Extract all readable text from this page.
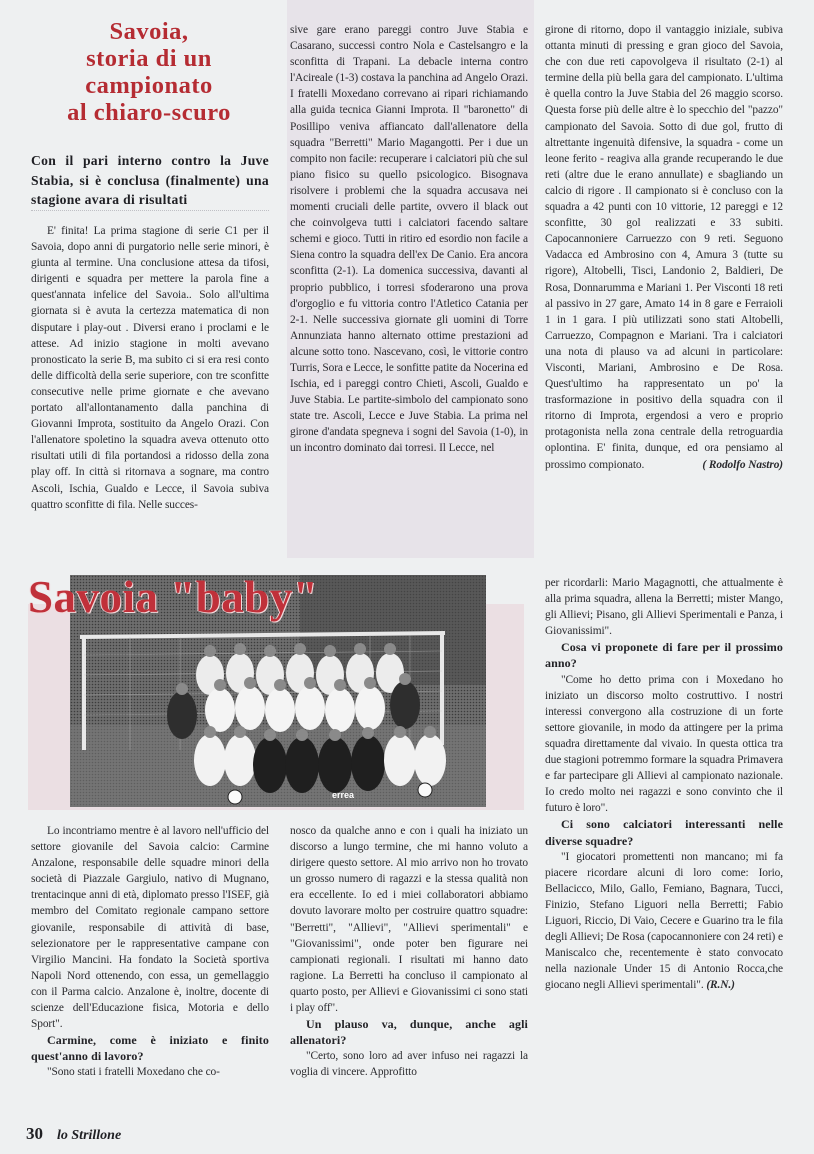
Savoia,
storia di un
campionato
al chiaro-scuro
Con il pari interno contro la Juve Stabia, si è conclusa (finalmente) una stagione avara di risultati

E' finita! La prima stagione di serie C1 per il Savoia, dopo anni di purgatorio nelle serie minori, è giunta al termine. Una conclusione attesa da tifosi, dirigenti e squadra per mettere la parola fine a quest'annata infelice del Savoia.. Solo all'ultima giornata si è avuta la certezza matematica di non disputare i play-out . Diversi erano i proclami e le attese. Ad inizio stagione in molti avevano pronosticato la serie B, ma subito ci si era resi conto delle difficoltà della serie superiore, con tre sconfitte consecutive nelle prime giornate e che avevano portato all'allontanamento dalla panchina di Giovanni Improta, sostituito da Angelo Orazi. Con l'allenatore spoletino la squadra aveva ottenuto otto risultati utili di fila portandosi a ridosso della zona play off. In città si ritornava a sognare, ma contro Ascoli, Ischia, Gualdo e Lecce, il Savoia subiva quattro sconfitte di fila. Nelle succes-

sive gare erano pareggi contro Juve Stabia e Casarano, successi contro Nola e Castelsangro e la sconfitta di Trapani. La debacle interna contro l'Acireale (1-3) costava la panchina ad Angelo Orazi. I fratelli Moxedano correvano ai ripari richiamando alla guida tecnica Gianni Improta. Il "baronetto" di Posillipo veniva affiancato dall'allenatore della squadra "Berretti" Mario Magangotti. Per i due un compito non facile: recuperare i calciatori più che sul piano fisico su quello psicologico. Bisognava risolvere i problemi che la squadra accusava nei momenti cruciali delle partite, ovvero il black out che coinvolgeva tutti i calciatori facendo saltare schemi e gioco. Tutti in ritiro ed esordio non facile a Siena contro la squadra dell'ex De Canio. Era ancora sconfitta (2-1). La domenica successiva, davanti al proprio pubblico, i torresi sfoderarono una prova d'orgoglio e fu vittoria contro l'Atletico Catania per 2-1. Nelle successiva giornate gli uomini di Torre Annunziata hanno alternato ottime prestazioni ad alcune sotto tono. Nascevano, così, le vittorie contro Turris, Sora e Lecce, le sonfitte patite da Nocerina ed Ischia, ed i pareggi contro Chieti, Ascoli, Gualdo e Juve Stabia. Le partite-simbolo del campionato sono state tre. Ascoli, Lecce e Juve Stabia. La prima nel girone d'andata spegneva i sogni del Savoia (1-0), in un incontro dominato dai torresi. Il Lecce, nel

girone di ritorno, dopo il vantaggio iniziale, subiva ottanta minuti di pressing e gran gioco del Savoia, che con due reti capovolgeva il risultato (2-1) al termine della più bella gara del campionato. L'ultima è quella contro la Juve Stabia del 26 maggio scorso. Questa forse più delle altre è lo specchio del "pazzo" campionato del Savoia. Sotto di due gol, frutto di altrettante ingenuità difensive, la squadra - come un leone ferito - reagiva alla grande recuperando le due reti (altre due le erano annullate) e sbagliando un calcio di rigore . Il campionato si è concluso con la squadra a 42 punti con 10 vittorie, 12 pareggi e 12 sconfitte, 30 gol realizzati e 33 subiti. Capocannoniere Carruezzo con 9 reti. Seguono Vadacca ed Ambrosino con 4, Amura 3 (tutte su rigore), Altobelli, Tisci, Landonio 2, Baldieri, De Rosa, Donnarumma e Mariani 1. Per Visconti 18 reti al passivo in 27 gare, Amato 14 in 8 gare e Ferraioli 1 in 1 gara. I più utilizzati sono stati Altobelli, Carruezzo, Compagnon e Mariani. Tra i calciatori una nota di plauso va ad alcuni in particolare: Visconti, Mariani, Ambrosino e De Rosa. Quest'ultimo ha rappresentato un po' la trasformazione in positivo della squadra con il ritorno di Improta, ergendosi a vero e proprio protagonista nella zona centrale della retroguardia oplontina. E' finita, dunque, ed ora pensiamo al prossimo compionato.	( Rodolfo Nastro)

errea
Savoia "baby"

Lo incontriamo mentre è al lavoro nell'ufficio del settore giovanile del Savoia calcio: Carmine Anzalone, responsabile delle squadre minori della società di Piazzale Gargiulo, nativo di Mugnano, trentacinque anni di età, diplomato presso l'ISEF, già membro del Comitato regionale campano settore giovanile, responsabile di attività di base, selezionatore per le rappresentative campane con Virgilio Mancini. Ha fondato la Società sportiva Napoli Nord ottenendo, con essa, un gemellaggio con il Parma calcio. Anzalone è, inoltre, docente di scienze dell'Educazione fisica, Motoria e dello Sport".

Carmine, come è iniziato e finito quest'anno di lavoro?

"Sono stati i fratelli Moxedano che co-

nosco da qualche anno e con i quali ha iniziato un discorso a lungo termine, che mi hanno voluto a dirigere questo settore. Al mio arrivo non ho trovato un grosso numero di ragazzi e la stessa qualità non era eccellente. Io ed i miei collaboratori abbiamo dovuto lavorare molto per costruire quattro squadre: "Berretti", "Allievi", "Allievi sperimentali" e "Giovanissimi", onde poter ben figurare nei campionati regionali. I risultati mi hanno dato ragione. La Berretti ha concluso il campionato al quarto posto, per Allievi e Giovanissimi ci sono stati i play off".

Un plauso va, dunque, anche agli allenatori?

"Certo, sono loro ad aver infuso nei ragazzi la voglia di vincere. Approfitto

per ricordarli: Mario Magagnotti, che attualmente è alla prima squadra, allena la Berretti; mister Mango, gli Allievi; Pisano, gli Allievi Sperimentali e Panza, i Giovanissimi".

Cosa vi proponete di fare per il prossimo anno?

"Come ho detto prima con i Moxedano ho iniziato un discorso molto costruttivo. I nostri interessi convergono alla costruzione di un forte settore giovanile, in modo da attingere per la prima squadra direttamente dal vivaio. In questa ottica tra due stagioni potremmo formare la squadra Primavera e far partecipare gli Allievi al campionato nazionale. Io credo molto nei ragazzi e sono convinto che il futuro è loro".

Ci sono calciatori interessanti nelle diverse squadre?

"I giocatori promettenti non mancano; mi fa piacere ricordare alcuni di loro come: Iorio, Bellacicco, Milo, Gallo, Femiano, Bagnara, Tucci, Finizio, Stefano Liguori nella Berretti; Fabio Liguori, Riccio, Di Vaio, Cecere e Guarino tra le fila degli Allievi; De Rosa (capocannoniere con 24 reti) e Maniscalco che, recentemente è stato convocato nella nazionale Under 15 di Antonio Rocca,che giocano negli Allievi sperimentali". (R.N.)

30 lo Strillone
